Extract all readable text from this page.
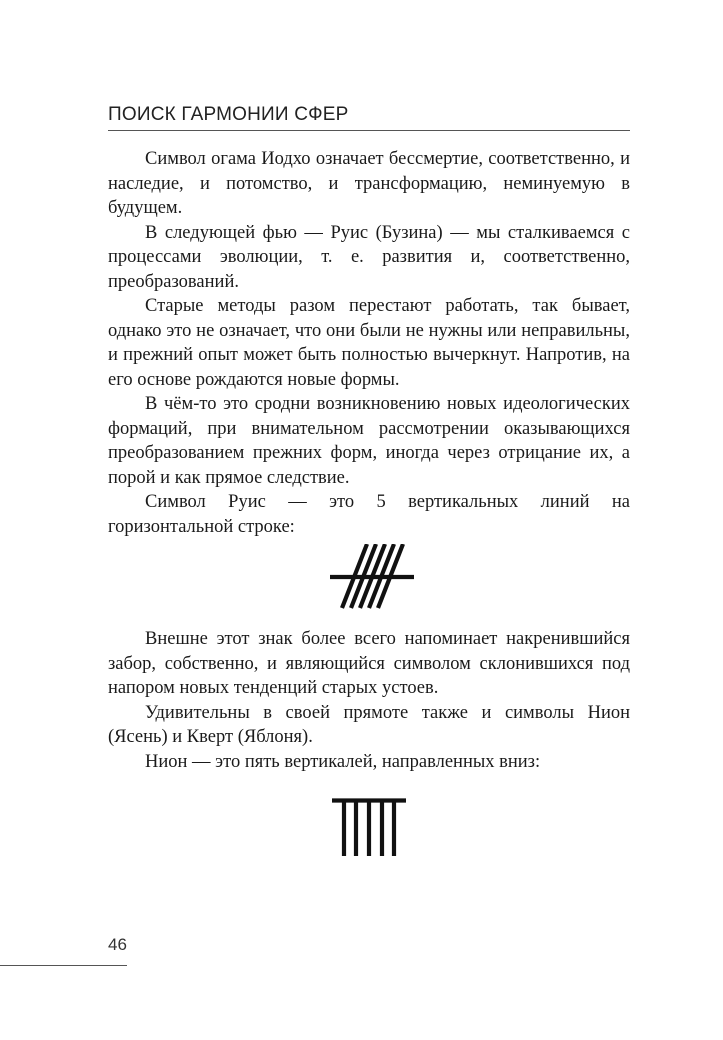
ПОИСК ГАРМОНИИ СФЕР

Символ огама Иодхо означает бессмертие, соответственно, и наследие, и потомство, и трансформацию, неминуемую в будущем.

В следующей фью — Руис (Бузина) — мы сталкиваемся с процессами эволюции, т. е. развития и, соответственно, преобразований.

Старые методы разом перестают работать, так бывает, однако это не означает, что они были не нужны или неправильны, и прежний опыт может быть полностью вычеркнут. Напротив, на его основе рождаются новые формы.

В чём-то это сродни возникновению новых идеологических формаций, при внимательном рассмотрении оказывающихся преобразованием прежних форм, иногда через отрицание их, а порой и как прямое следствие.

Символ Руис — это 5 вертикальных линий на горизонтальной строке:

Внешне этот знак более всего напоминает накренившийся забор, собственно, и являющийся символом склонившихся под напором новых тенденций старых устоев.

Удивительны в своей прямоте также и символы Нион (Ясень) и Кверт (Яблоня).

Нион — это пять вертикалей, направленных вниз:

46
